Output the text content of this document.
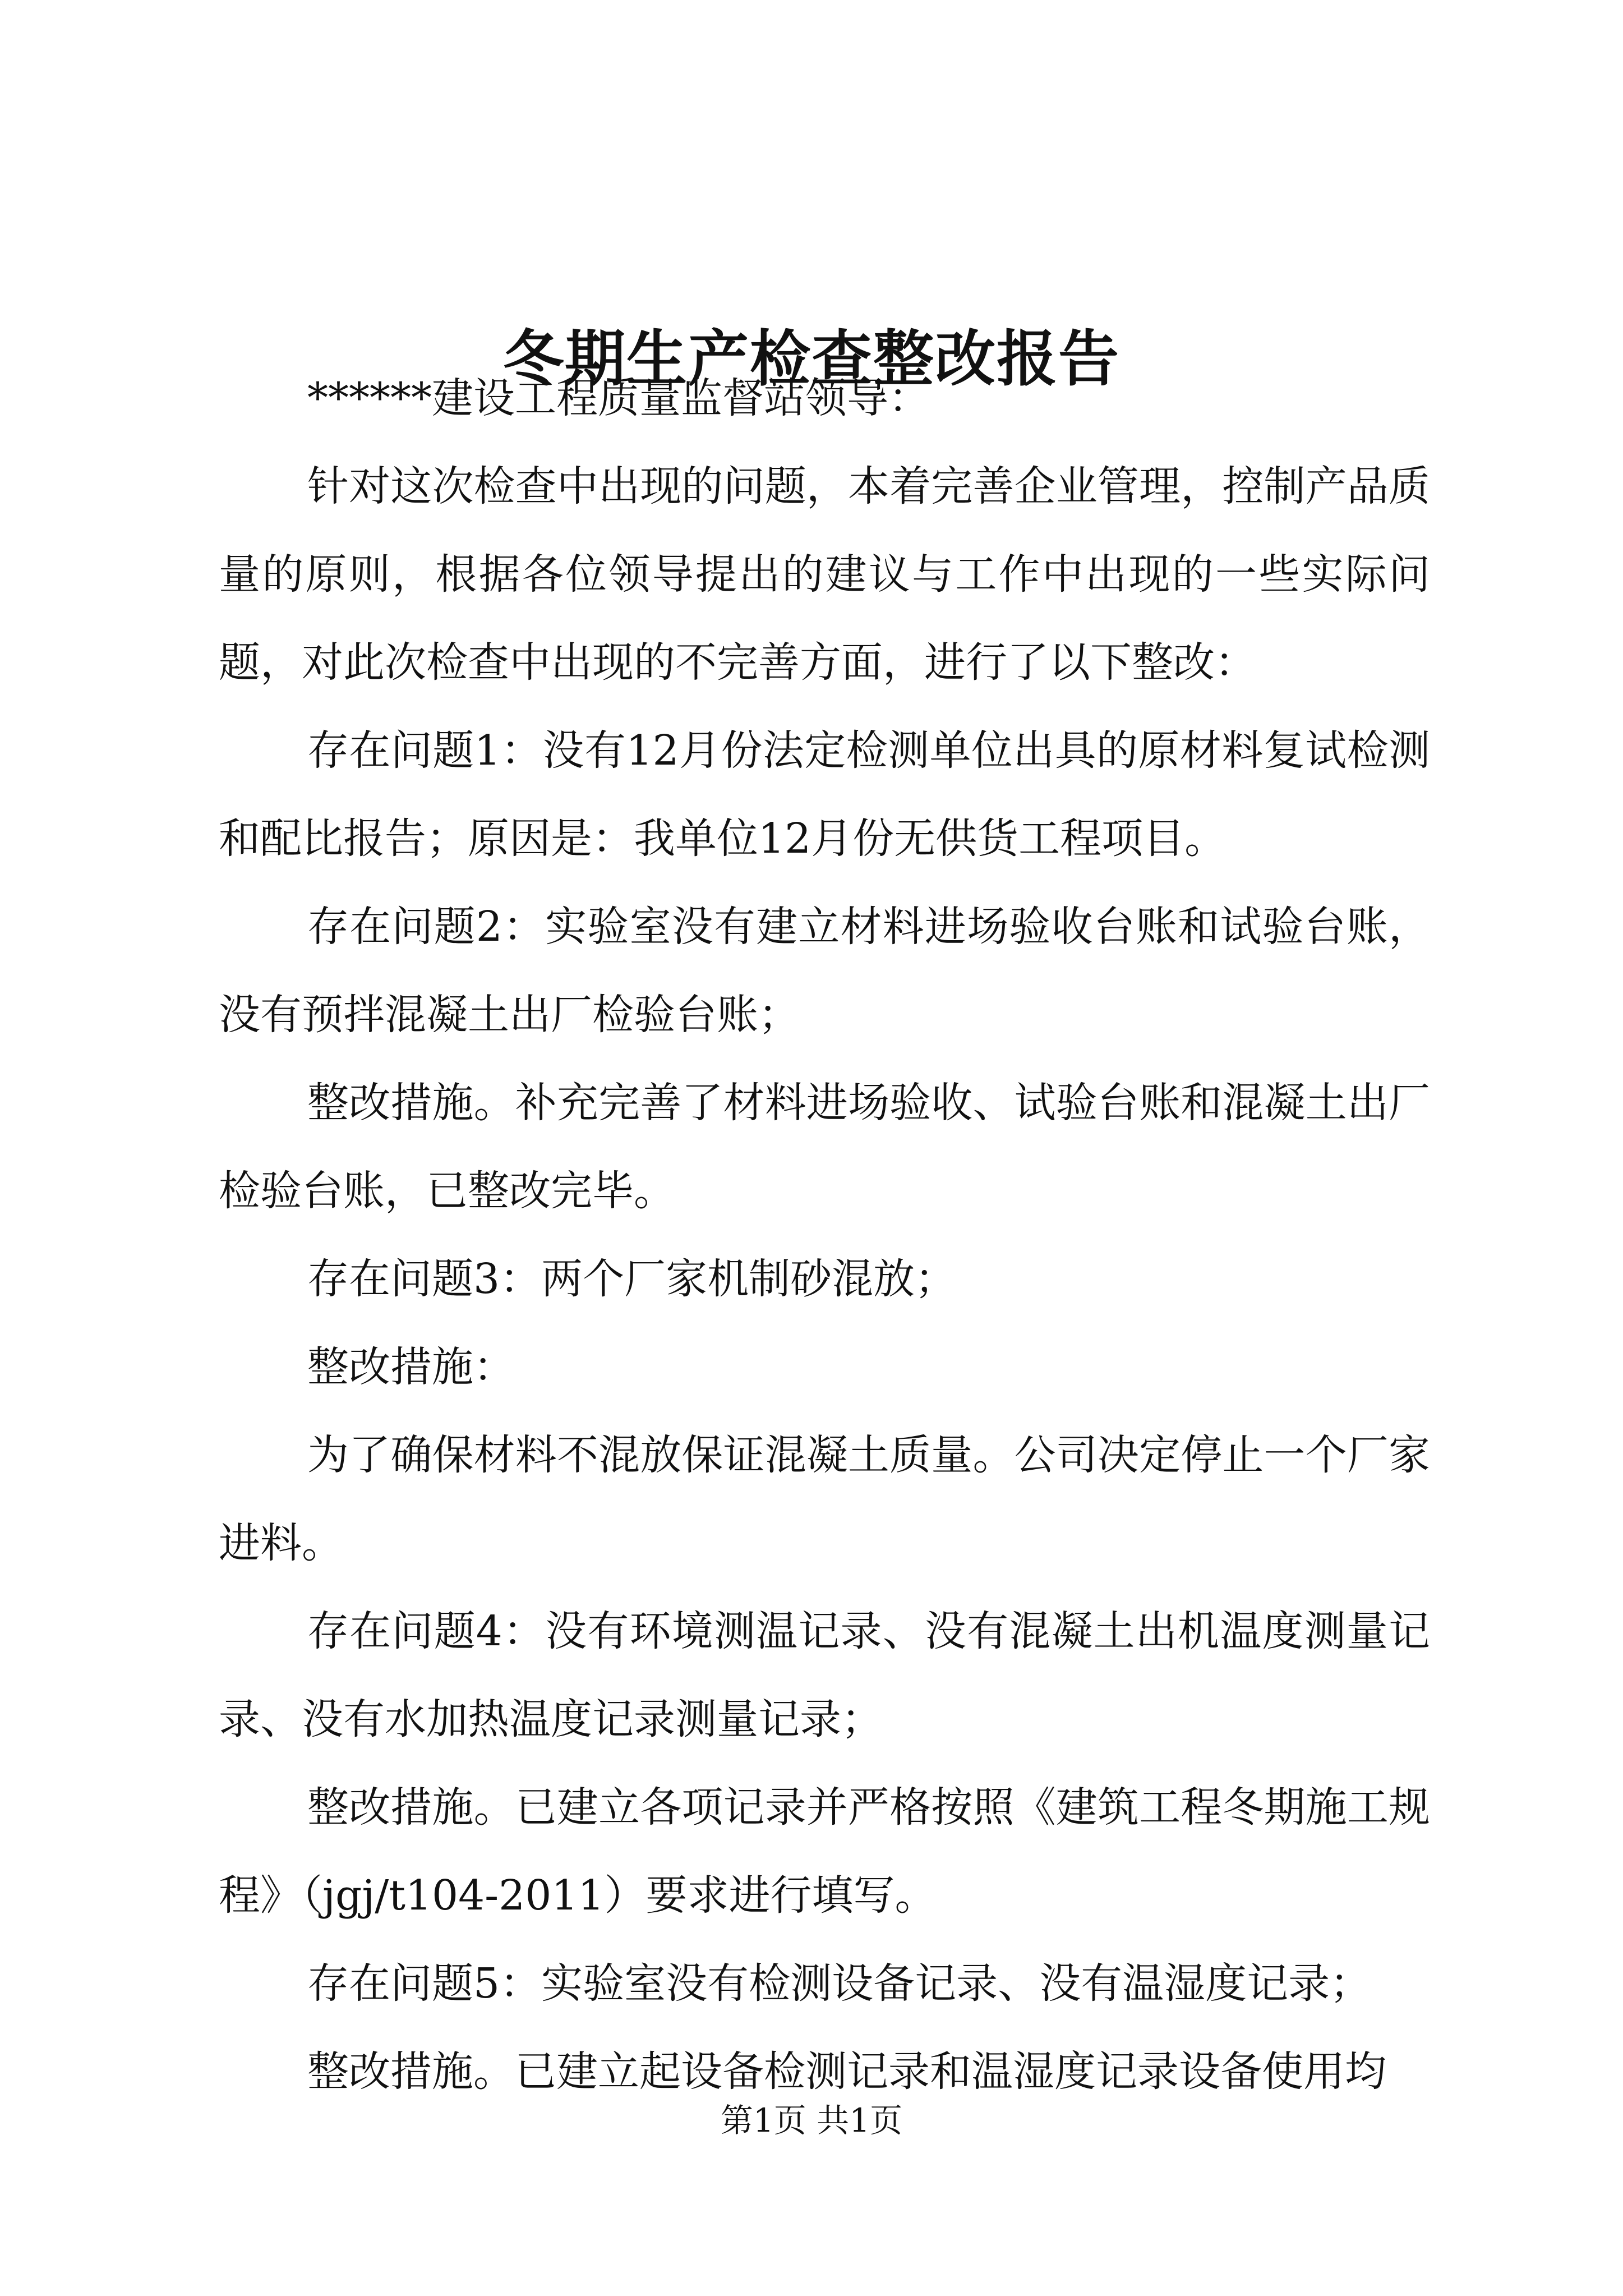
冬期生产检查整改报告

******建设工程质量监督站领导：

针对这次检查中出现的问题，本着完善企业管理，控制产品质量的原则，根据各位领导提出的建议与工作中出现的一些实际问题，对此次检查中出现的不完善方面，进行了以下整改：

存在问题1：没有12月份法定检测单位出具的原材料复试检测和配比报告；原因是：我单位12月份无供货工程项目。

存在问题2：实验室没有建立材料进场验收台账和试验台账，没有预拌混凝土出厂检验台账；

整改措施。补充完善了材料进场验收、试验台账和混凝土出厂检验台账，已整改完毕。

存在问题3：两个厂家机制砂混放；

整改措施：

为了确保材料不混放保证混凝土质量。公司决定停止一个厂家进料。

存在问题4：没有环境测温记录、没有混凝土出机温度测量记录、没有水加热温度记录测量记录；

整改措施。已建立各项记录并严格按照《建筑工程冬期施工规程》（jgj/t104-2011）要求进行填写。

存在问题5：实验室没有检测设备记录、没有温湿度记录；

整改措施。已建立起设备检测记录和温湿度记录设备使用均

第1页 共1页
